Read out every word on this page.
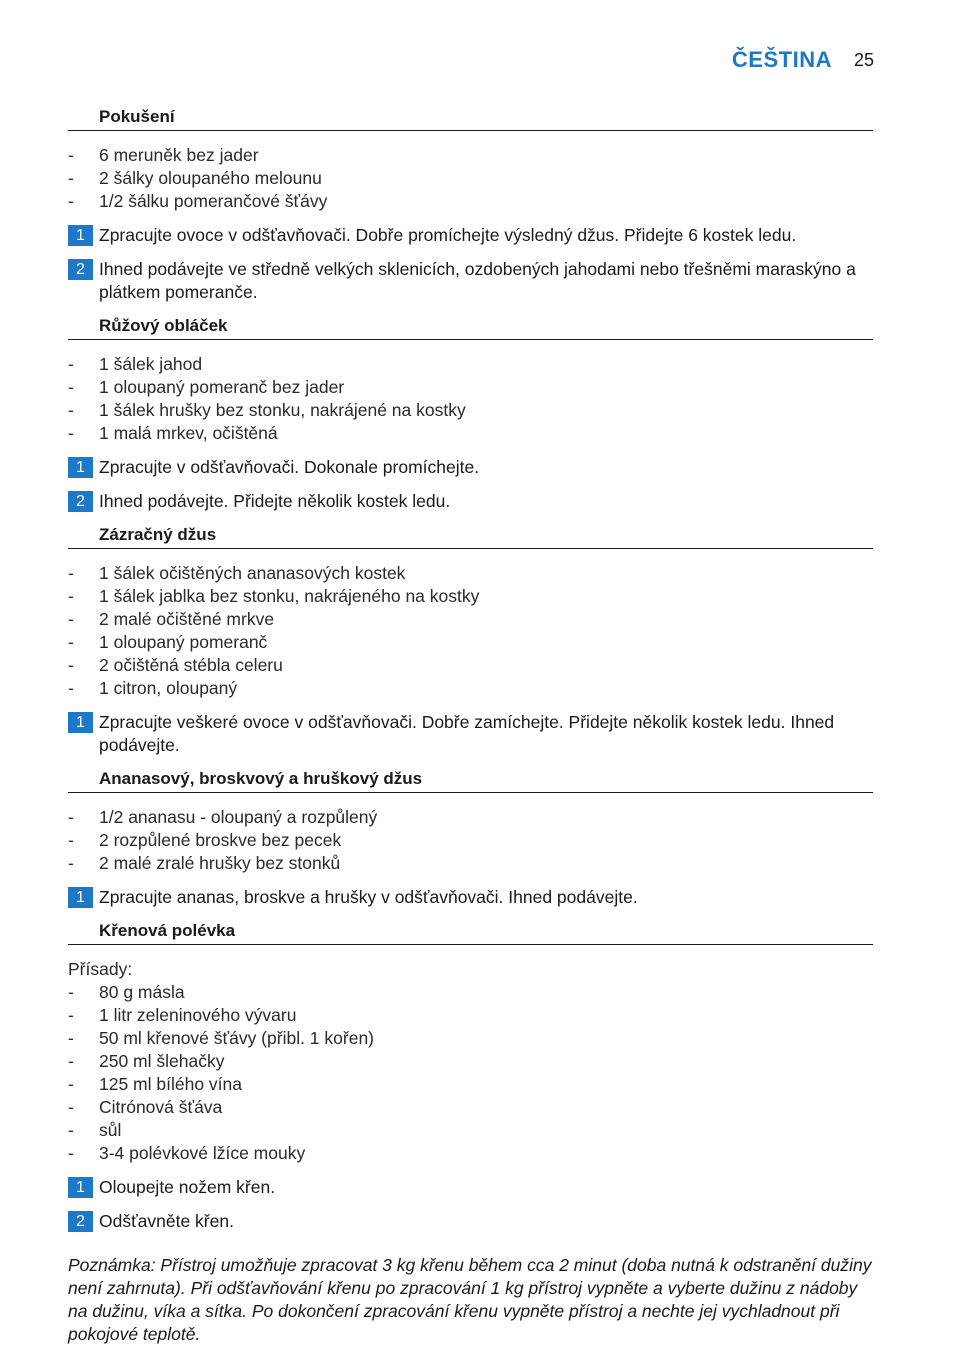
ČEŠTINA 25
Pokušení
- 6 meruněk bez jader
- 2 šálky oloupaného melounu
- 1/2 šálku pomerančové šťávy
1 Zpracujte ovoce v odšťavňovači. Dobře promíchejte výsledný džus. Přidejte 6 kostek ledu.
2 Ihned podávejte ve středně velkých sklenicích, ozdobených jahodami nebo třešněmi maraskýno a plátkem pomeranče.
Růžový obláček
- 1 šálek jahod
- 1 oloupaný pomeranč bez jader
- 1 šálek hrušky bez stonku, nakrájené na kostky
- 1 malá mrkev, očištěná
1 Zpracujte v odšťavňovači. Dokonale promíchejte.
2 Ihned podávejte. Přidejte několik kostek ledu.
Zázračný džus
- 1 šálek očištěných ananasových kostek
- 1 šálek jablka bez stonku, nakrájeného na kostky
- 2 malé očištěné mrkve
- 1 oloupaný pomeranč
- 2 očištěná stébla celeru
- 1 citron, oloupaný
1 Zpracujte veškeré ovoce v odšťavňovači. Dobře zamíchejte. Přidejte několik kostek ledu. Ihned podávejte.
Ananasový, broskvový a hruškový džus
- 1/2 ananasu - oloupaný a rozpůlený
- 2 rozpůlené broskve bez pecek
- 2 malé zralé hrušky bez stonků
1 Zpracujte ananas, broskve a hrušky v odšťavňovači. Ihned podávejte.
Křenová polévka
Přísady:
- 80 g másla
- 1 litr zeleninového vývaru
- 50 ml křenové šťávy (přibl. 1 kořen)
- 250 ml šlehačky
- 125 ml bílého vína
- Citrónová šťáva
- sůl
- 3-4 polévkové lžíce mouky
1 Oloupejte nožem křen.
2 Odšťavněte křen.
Poznámka: Přístroj umožňuje zpracovat 3 kg křenu během cca 2 minut (doba nutná k odstranění dužiny není zahrnuta). Při odšťavňování křenu po zpracování 1 kg přístroj vypněte a vyberte dužinu z nádoby na dužinu, víka a sítka. Po dokončení zpracování křenu vypněte přístroj a nechte jej vychladnout při pokojové teplotě.
